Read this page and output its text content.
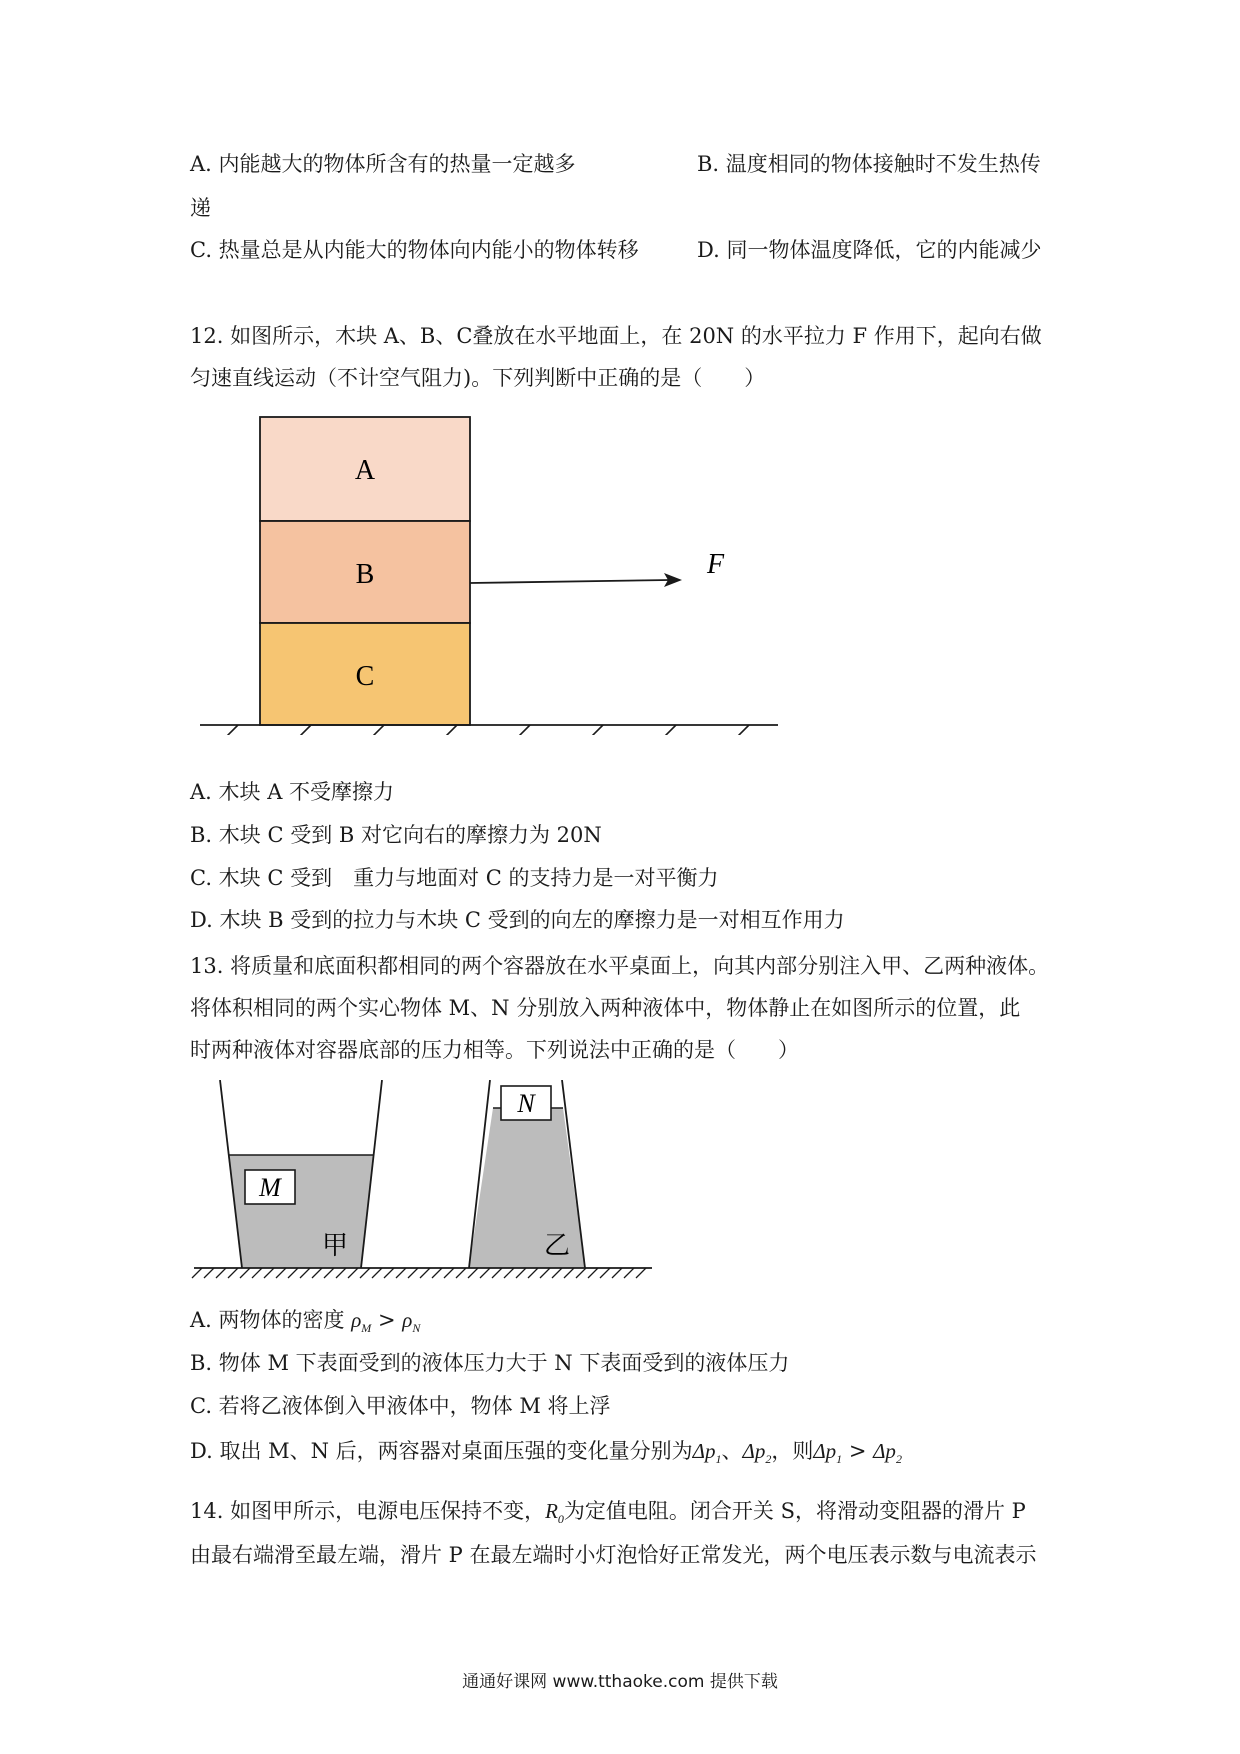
A. 内能越大的物体所含有的热量一定越多	B. 温度相同的物体接触时不发生热传
递
C. 热量总是从内能大的物体向内能小的物体转移	D. 同一物体温度降低，它的内能减少
12. 如图所示，木块 A、B、C叠放在水平地面上，在 20N 的水平拉力 F 作用下，起向右做
匀速直线运动（不计空气阻力)。下列判断中正确的是（　　）
A
B
C
F
A. 木块 A 不受摩擦力
B. 木块 C 受到 B 对它向右的摩擦力为 20N
C. 木块 C 受到　重力与地面对 C 的支持力是一对平衡力
D. 木块 B 受到的拉力与木块 C 受到的向左的摩擦力是一对相互作用力
13. 将质量和底面积都相同的两个容器放在水平桌面上，向其内部分别注入甲、乙两种液体。
将体积相同的两个实心物体 M、N 分别放入两种液体中，物体静止在如图所示的位置，此
时两种液体对容器底部的压力相等。下列说法中正确的是（　　）
M
甲
N
乙
A. 两物体的密度 $\rho_M > \rho_N$
B. 物体 M 下表面受到的液体压力大于 N 下表面受到的液体压力
C. 若将乙液体倒入甲液体中，物体 M 将上浮
D. 取出 M、N 后，两容器对桌面压强的变化量分别为$\Delta p_1$、$\Delta p_2$，则$\Delta p_1 > \Delta p_2$
14. 如图甲所示，电源电压保持不变，$R_0$为定值电阻。闭合开关 S，将滑动变阻器的滑片 P
由最右端滑至最左端，滑片 P 在最左端时小灯泡恰好正常发光，两个电压表示数与电流表示
通通好课网 www.tthaoke.com 提供下载
